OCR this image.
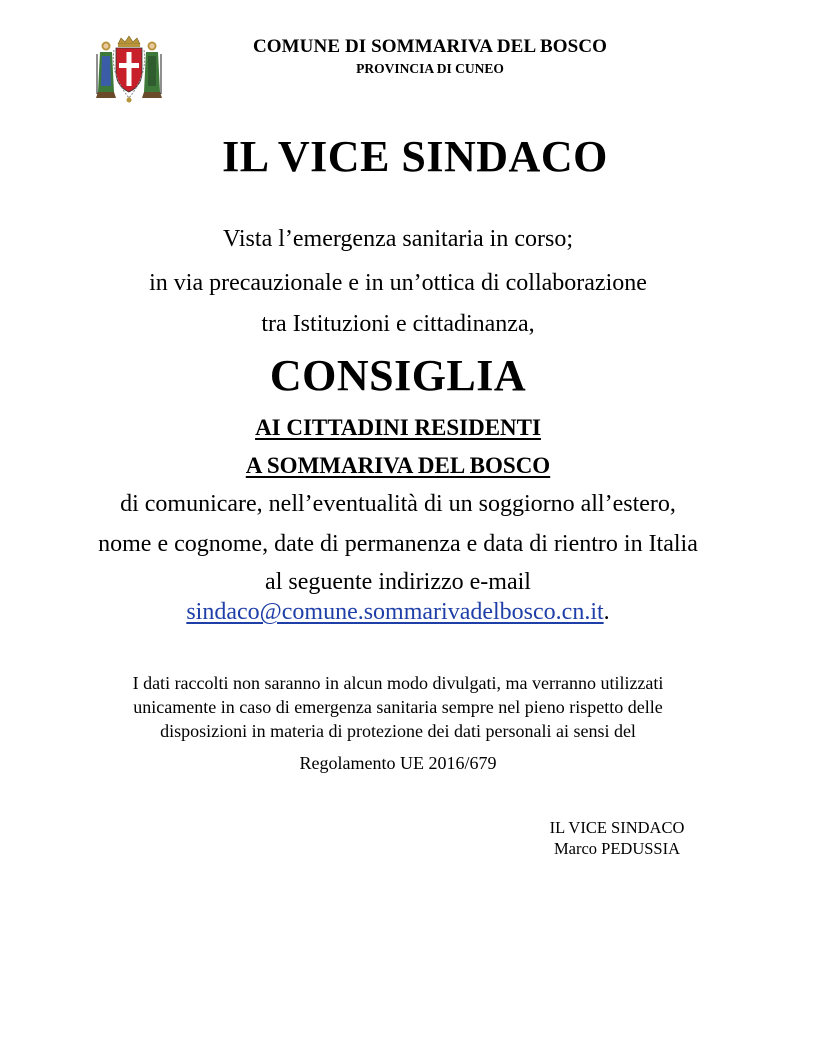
COMUNE DI SOMMARIVA DEL BOSCO
PROVINCIA DI CUNEO
IL VICE SINDACO
Vista l’emergenza sanitaria in corso;
in via precauzionale e in un’ottica di collaborazione
tra Istituzioni e cittadinanza,
CONSIGLIA
AI CITTADINI RESIDENTI
A SOMMARIVA DEL BOSCO
di comunicare, nell’eventualità di un soggiorno all’estero,
nome e cognome, date di permanenza e data di rientro in Italia
al seguente indirizzo e-mail
sindaco@comune.sommarivadelbosco.cn.it.
I dati raccolti non saranno in alcun modo divulgati, ma verranno utilizzati
unicamente in caso di emergenza sanitaria sempre nel pieno rispetto delle
disposizioni in materia di protezione dei dati personali ai sensi del
Regolamento UE 2016/679
IL VICE SINDACO
Marco PEDUSSIA
